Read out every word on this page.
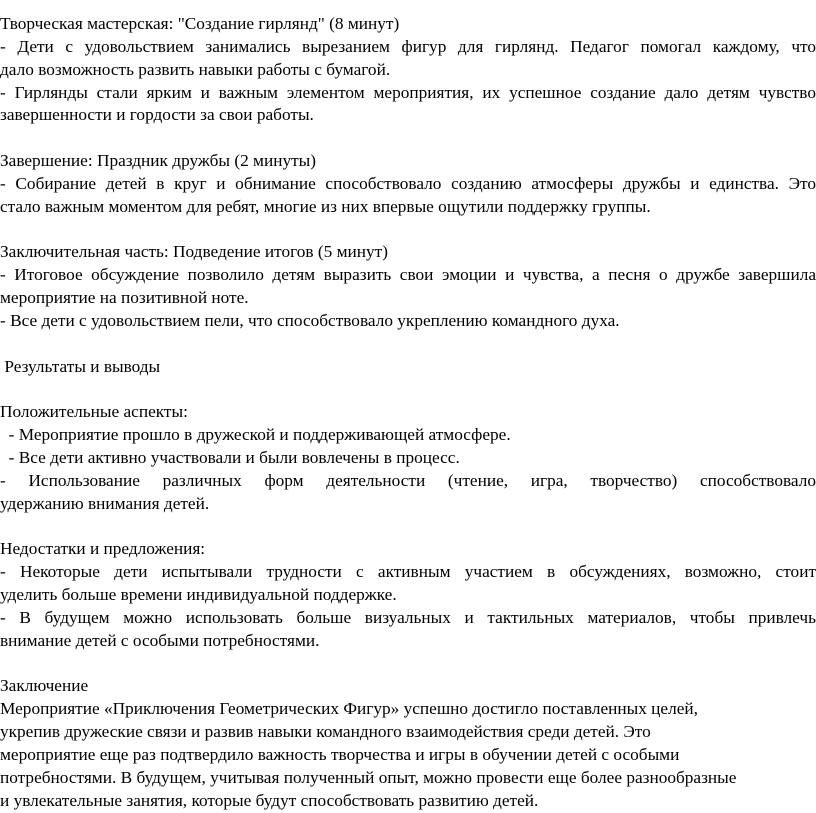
Творческая мастерская: "Создание гирлянд" (8 минут)
- Дети с удовольствием занимались вырезанием фигур для гирлянд. Педагог помогал каждому, что
дало возможность развить навыки работы с бумагой.
- Гирлянды стали ярким и важным элементом мероприятия, их успешное создание дало детям чувство
завершенности и гордости за свои работы.
Завершение: Праздник дружбы (2 минуты)
- Собирание детей в круг и обнимание способствовало созданию атмосферы дружбы и единства. Это
стало важным моментом для ребят, многие из них впервые ощутили поддержку группы.
Заключительная часть: Подведение итогов (5 минут)
- Итоговое обсуждение позволило детям выразить свои эмоции и чувства, а песня о дружбе завершила
мероприятие на позитивной ноте.
- Все дети с удовольствием пели, что способствовало укреплению командного духа.
Результаты и выводы
Положительные аспекты:
- Мероприятие прошло в дружеской и поддерживающей атмосфере.
- Все дети активно участвовали и были вовлечены в процесс.
- Использование различных форм деятельности (чтение, игра, творчество) способствовало
удержанию внимания детей.
Недостатки и предложения:
- Некоторые дети испытывали трудности с активным участием в обсуждениях, возможно, стоит
уделить больше времени индивидуальной поддержке.
- В будущем можно использовать больше визуальных и тактильных материалов, чтобы привлечь
внимание детей с особыми потребностями.
Заключение
Мероприятие «Приключения Геометрических Фигур» успешно достигло поставленных целей,
укрепив дружеские связи и развив навыки командного взаимодействия среди детей. Это
мероприятие еще раз подтвердило важность творчества и игры в обучении детей с особыми
потребностями. В будущем, учитывая полученный опыт, можно провести еще более разнообразные
и увлекательные занятия, которые будут способствовать развитию детей.
